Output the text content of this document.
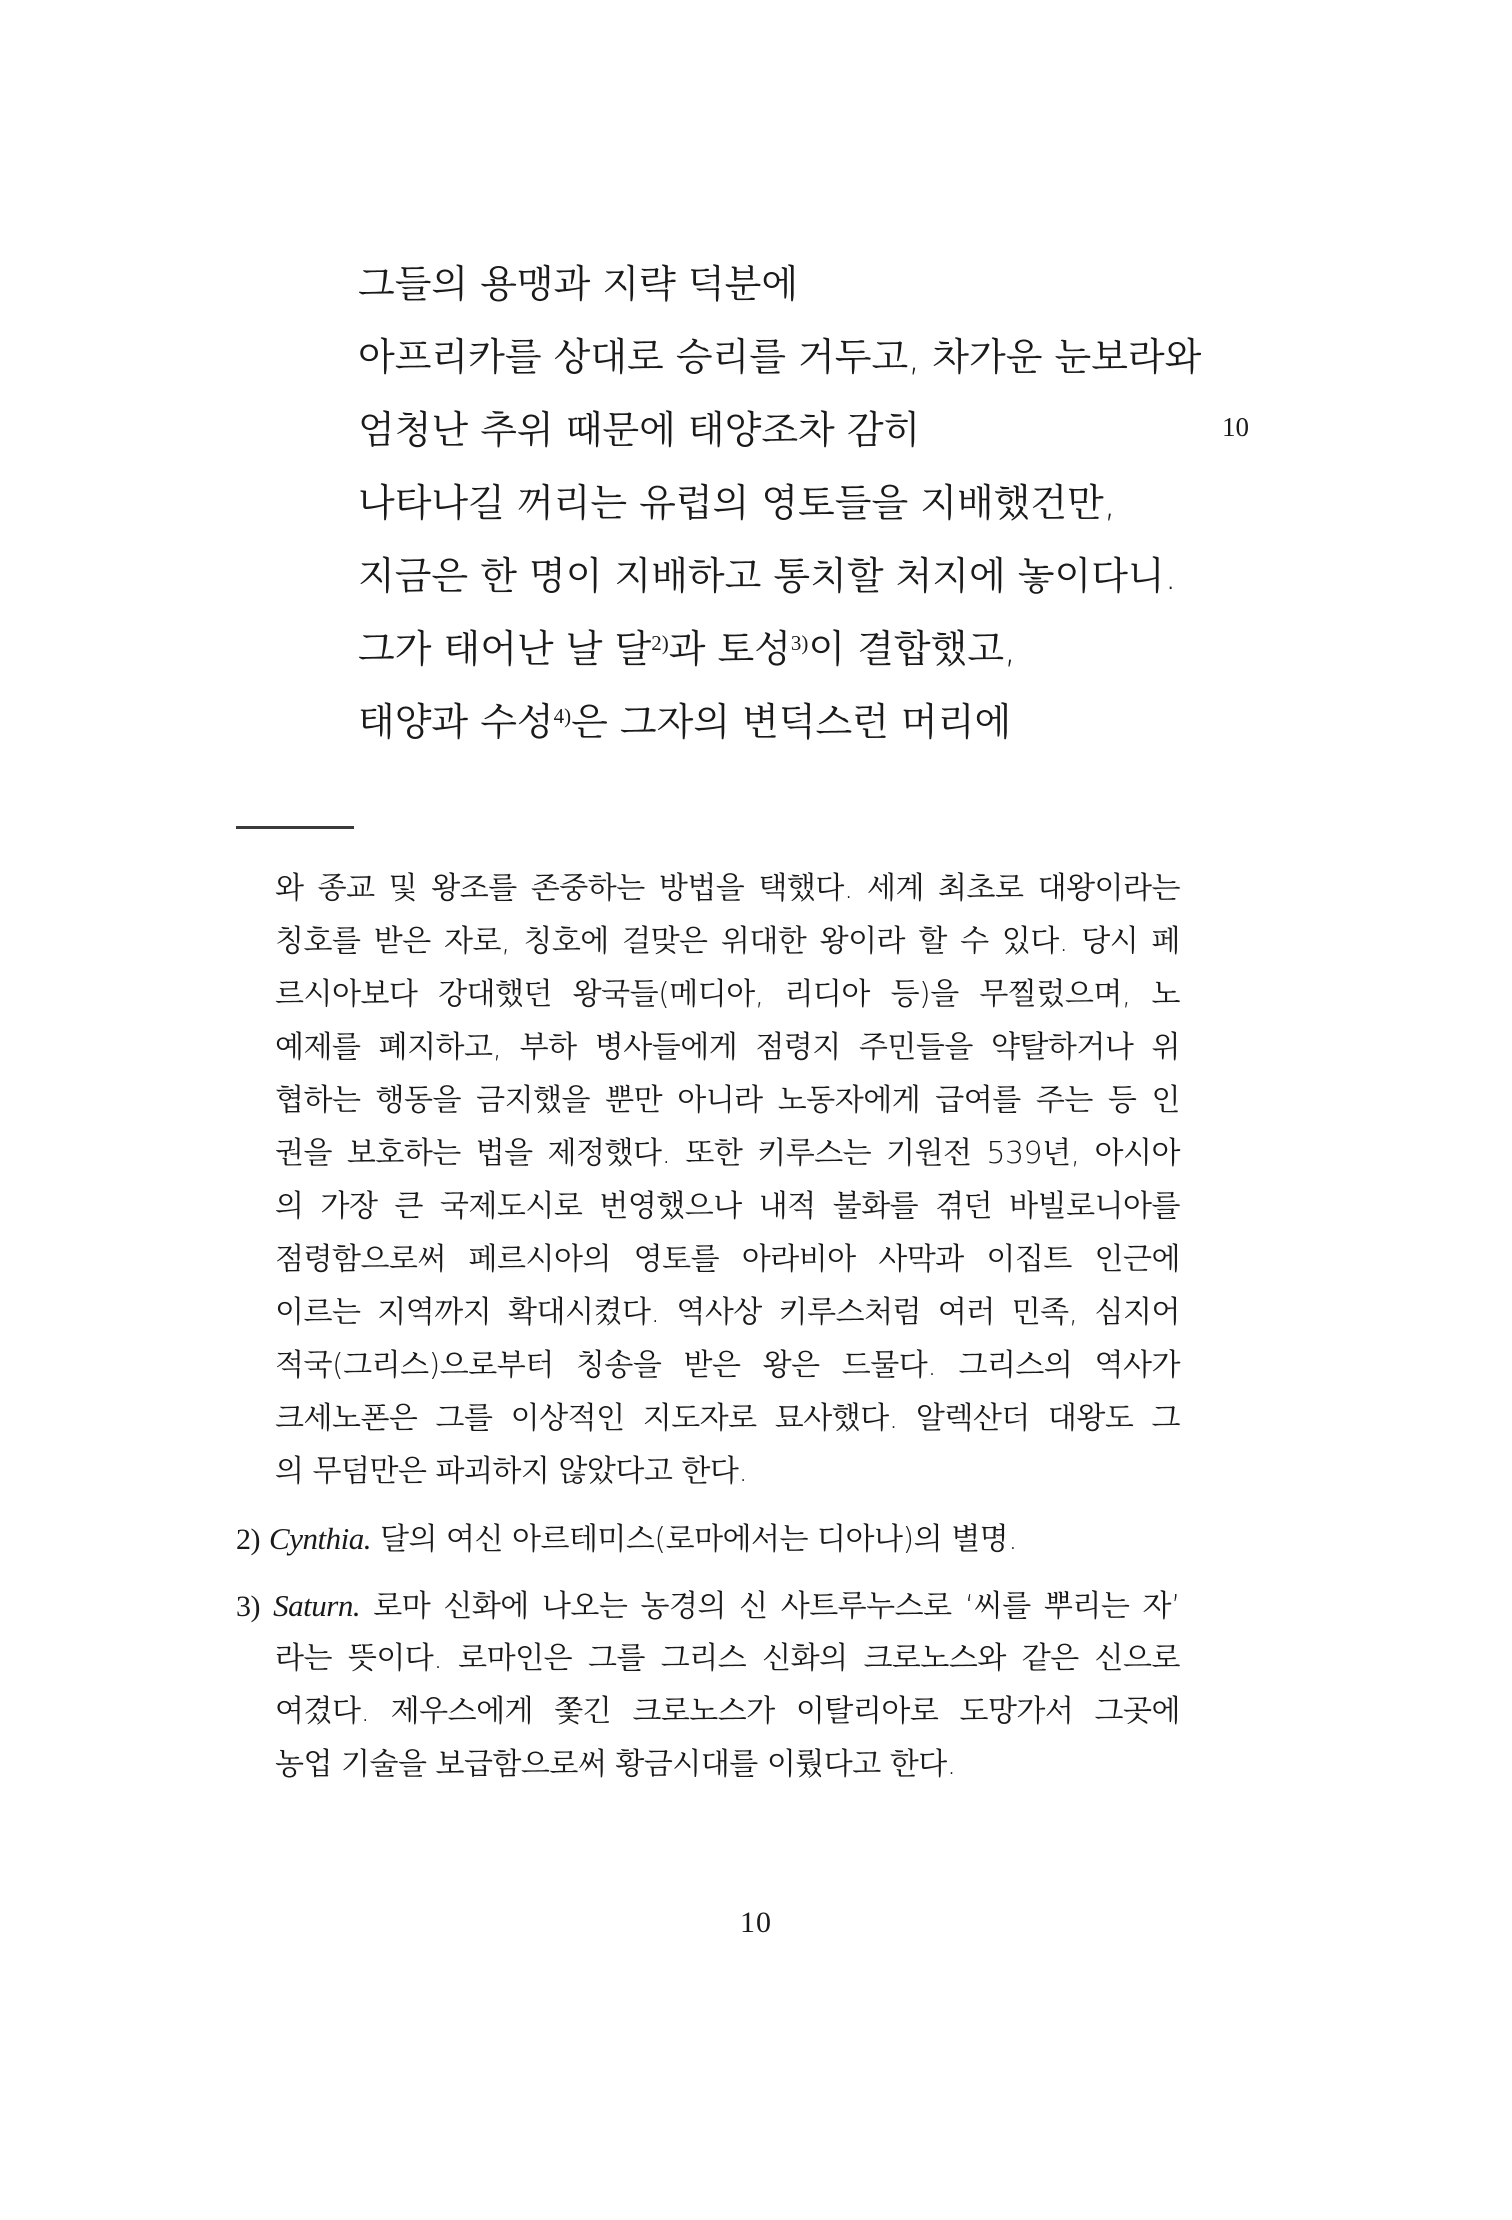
그들의 용맹과 지략 덕분에
아프리카를 상대로 승리를 거두고, 차가운 눈보라와
엄청난 추위 때문에 태양조차 감히
나타나길 꺼리는 유럽의 영토들을 지배했건만,
지금은 한 명이 지배하고 통치할 처지에 놓이다니.
그가 태어난 날 달$^{2)}$과 토성$^{3)}$이 결합했고,
태양과 수성$^{4)}$은 그자의 변덕스런 머리에
10
와 종교 및 왕조를 존중하는 방법을 택했다. 세계 최초로 대왕이라는
칭호를 받은 자로, 칭호에 걸맞은 위대한 왕이라 할 수 있다. 당시 페
르시아보다 강대했던 왕국들(메디아, 리디아 등)을 무찔렀으며, 노
예제를 폐지하고, 부하 병사들에게 점령지 주민들을 약탈하거나 위
협하는 행동을 금지했을 뿐만 아니라 노동자에게 급여를 주는 등 인
권을 보호하는 법을 제정했다. 또한 키루스는 기원전 539년, 아시아
의 가장 큰 국제도시로 번영했으나 내적 불화를 겪던 바빌로니아를
점령함으로써 페르시아의 영토를 아라비아 사막과 이집트 인근에
이르는 지역까지 확대시켰다. 역사상 키루스처럼 여러 민족, 심지어
적국(그리스)으로부터 칭송을 받은 왕은 드물다. 그리스의 역사가
크세노폰은 그를 이상적인 지도자로 묘사했다. 알렉산더 대왕도 그
의 무덤만은 파괴하지 않았다고 한다.
2) Cynthia. 달의 여신 아르테미스(로마에서는 디아나)의 별명.
3) Saturn. 로마 신화에 나오는 농경의 신 사트루누스로 ‘씨를 뿌리는 자’
라는 뜻이다. 로마인은 그를 그리스 신화의 크로노스와 같은 신으로
여겼다. 제우스에게 쫓긴 크로노스가 이탈리아로 도망가서 그곳에
농업 기술을 보급함으로써 황금시대를 이뤘다고 한다.
10
